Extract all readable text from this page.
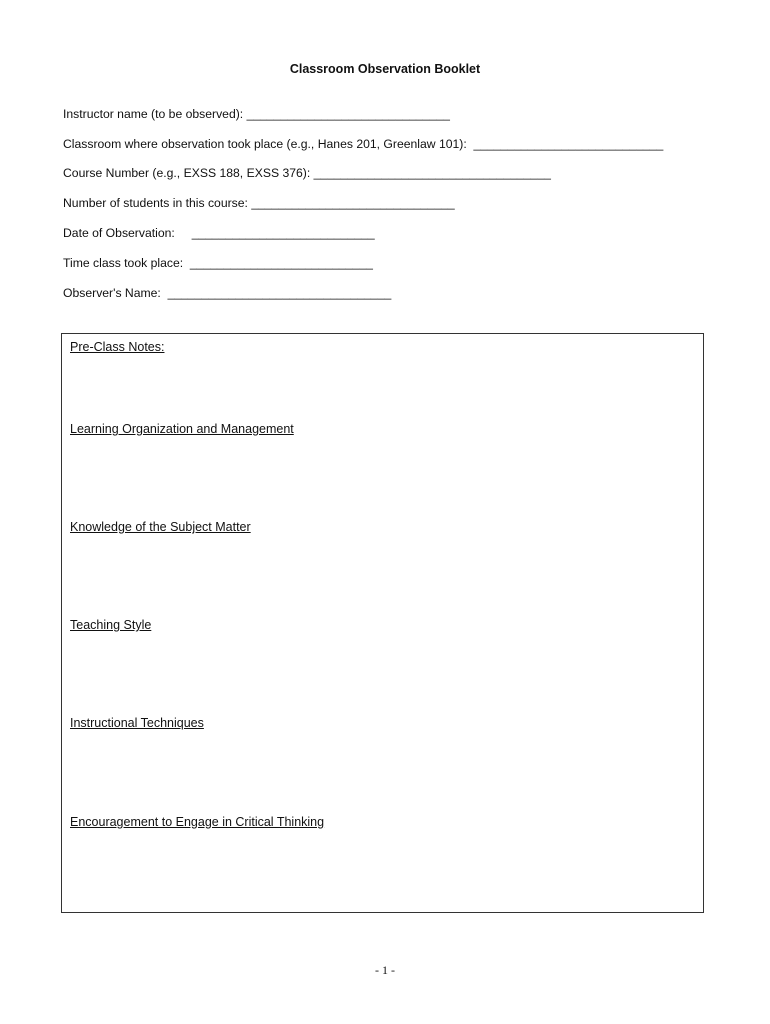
Classroom Observation Booklet
Instructor name (to be observed): ______________________________
Classroom where observation took place (e.g., Hanes 201, Greenlaw 101):  ____________________________
Course Number (e.g., EXSS 188, EXSS 376): ___________________________________
Number of students in this course: ______________________________
Date of Observation:     ___________________________
Time class took place:  ___________________________
Observer's Name:  _________________________________
Pre-Class Notes:
Learning Organization and Management
Knowledge of the Subject Matter
Teaching Style
Instructional Techniques
Encouragement to Engage in Critical Thinking
- 1 -
